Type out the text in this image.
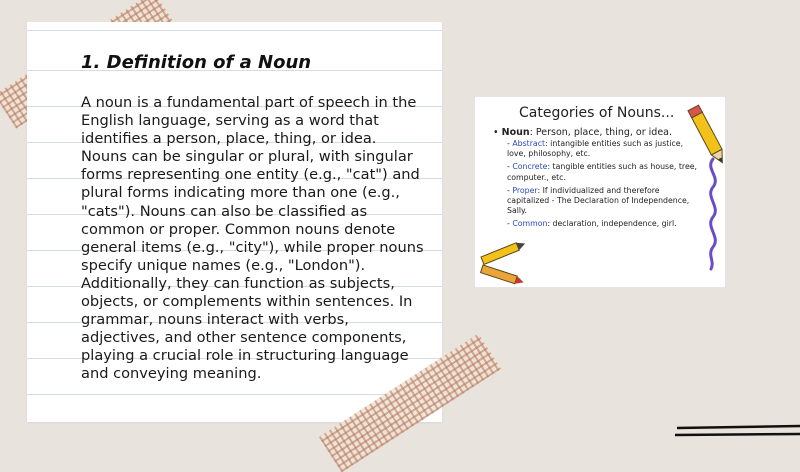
1. Definition of a Noun

A noun is a fundamental part of speech in the English language, serving as a word that identifies a person, place, thing, or idea. Nouns can be singular or plural, with singular forms representing one entity (e.g., "cat") and plural forms indicating more than one (e.g., "cats"). Nouns can also be classified as common or proper. Common nouns denote general items (e.g., "city"), while proper nouns specify unique names (e.g., "London"). Additionally, they can function as subjects, objects, or complements within sentences. In grammar, nouns interact with verbs, adjectives, and other sentence components, playing a crucial role in structuring language and conveying meaning.

Categories of Nouns...

• Noun: Person, place, thing, or idea.
- Abstract: intangible entities such as justice, love, philosophy, etc.
- Concrete: tangible entities such as house, tree, computer., etc.
- Proper: If individualized and therefore capitalized - The Declaration of Independence, Sally.
- Common: declaration, independence, girl.
